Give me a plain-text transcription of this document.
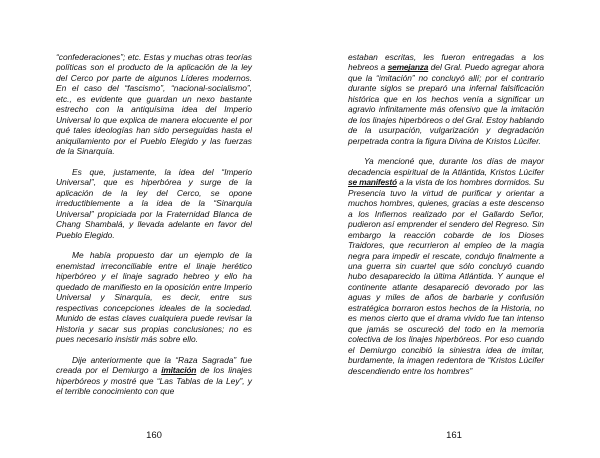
“confederaciones”; etc. Estas y muchas otras teorías políticas son el producto de la aplicación de la ley del Cerco por parte de algunos Líderes modernos. En el caso del “fascismo”, “nacional-socialismo”, etc., es evidente que guardan un nexo bastante estrecho con la antiquísima idea del Imperio Universal lo que explica de manera elocuente el por qué tales ideologías han sido perseguidas hasta el aniquilamiento por el Pueblo Elegido y las fuerzas de la Sinarquía.

Es que, justamente, la idea del “Imperio Universal”, que es hiperbórea y surge de la aplicación de la ley del Cerco, se opone irreductiblemente a la idea de la “Sinarquía Universal” propiciada por la Fraternidad Blanca de Chang Shambalá, y llevada adelante en favor del Pueblo Elegido.

Me había propuesto dar un ejemplo de la enemistad irreconciliable entre el linaje herético hiperbóreo y el linaje sagrado hebreo y ello ha quedado de manifiesto en la oposición entre Imperio Universal y Sinarquía, es decir, entre sus respectivas concepciones ideales de la sociedad. Munido de estas claves cualquiera puede revisar la Historia y sacar sus propias conclusiones; no es pues necesario insistir más sobre ello.

Dije anteriormente que la “Raza Sagrada” fue creada por el Demiurgo a imitación de los linajes hiperbóreos y mostré que “Las Tablas de la Ley”, y el terrible conocimiento con que

160

estaban escritas, les fueron entregadas a los hebreos a semejanza del Gral. Puedo agregar ahora que la “imitación” no concluyó allí; por el contrario durante siglos se preparó una infernal falsificación histórica que en los hechos venía a significar un agravio infinitamente más ofensivo que la imitación de los linajes hiperbóreos o del Gral. Estoy hablando de la usurpación, vulgarización y degradación perpetrada contra la figura Divina de Kristos Lúcifer.

Ya mencioné que, durante los días de mayor decadencia espiritual de la Atlántida, Kristos Lúcifer se manifestó a la vista de los hombres dormidos. Su Presencia tuvo la virtud de purificar y orientar a muchos hombres, quienes, gracias a este descenso a los Infiernos realizado por el Gallardo Señor, pudieron así emprender el sendero del Regreso. Sin embargo la reacción cobarde de los Dioses Traidores, que recurrieron al empleo de la magia negra para impedir el rescate, condujo finalmente a una guerra sin cuartel que sólo concluyó cuando hubo desaparecido la última Atlántida. Y aunque el continente atlante desapareció devorado por las aguas y miles de años de barbarie y confusión estratégica borraron estos hechos de la Historia, no es menos cierto que el drama vivido fue tan intenso que jamás se oscureció del todo en la memoria colectiva de los linajes hiperbóreos. Por eso cuando el Demiurgo concibió la siniestra idea de imitar, burdamente, la imagen redentora de “Kristos Lúcifer descendiendo entre los hombres”

161
